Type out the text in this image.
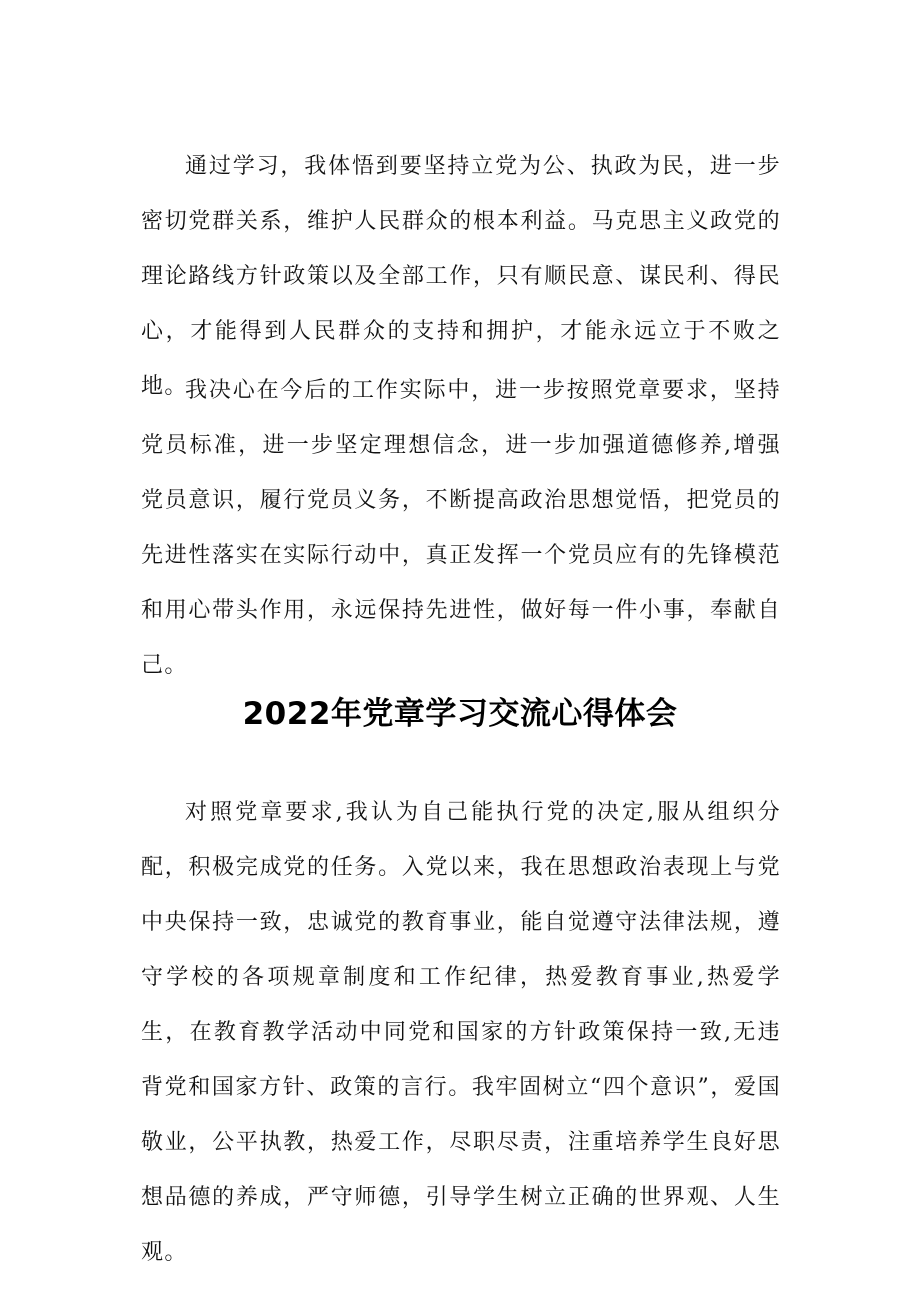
通过学习，我体悟到要坚持立党为公、执政为民，进一步密切党群关系，维护人民群众的根本利益。马克思主义政党的理论路线方针政策以及全部工作，只有顺民意、谋民利、得民心，才能得到人民群众的支持和拥护，才能永远立于不败之地。

我决心在今后的工作实际中，进一步按照党章要求，坚持党员标准，进一步坚定理想信念，进一步加强道德修养,增强党员意识，履行党员义务，不断提高政治思想觉悟，把党员的先进性落实在实际行动中，真正发挥一个党员应有的先锋模范和用心带头作用，永远保持先进性，做好每一件小事，奉献自己。

2022年党章学习交流心得体会

对照党章要求,我认为自己能执行党的决定,服从组织分配，积极完成党的任务。入党以来，我在思想政治表现上与党中央保持一致，忠诚党的教育事业，能自觉遵守法律法规，遵守学校的各项规章制度和工作纪律，热爱教育事业,热爱学生，在教育教学活动中同党和国家的方针政策保持一致,无违背党和国家方针、政策的言行。我牢固树立“四个意识”，爱国敬业，公平执教，热爱工作，尽职尽责，注重培养学生良好思想品德的养成，严守师德，引导学生树立正确的世界观、人生观。
